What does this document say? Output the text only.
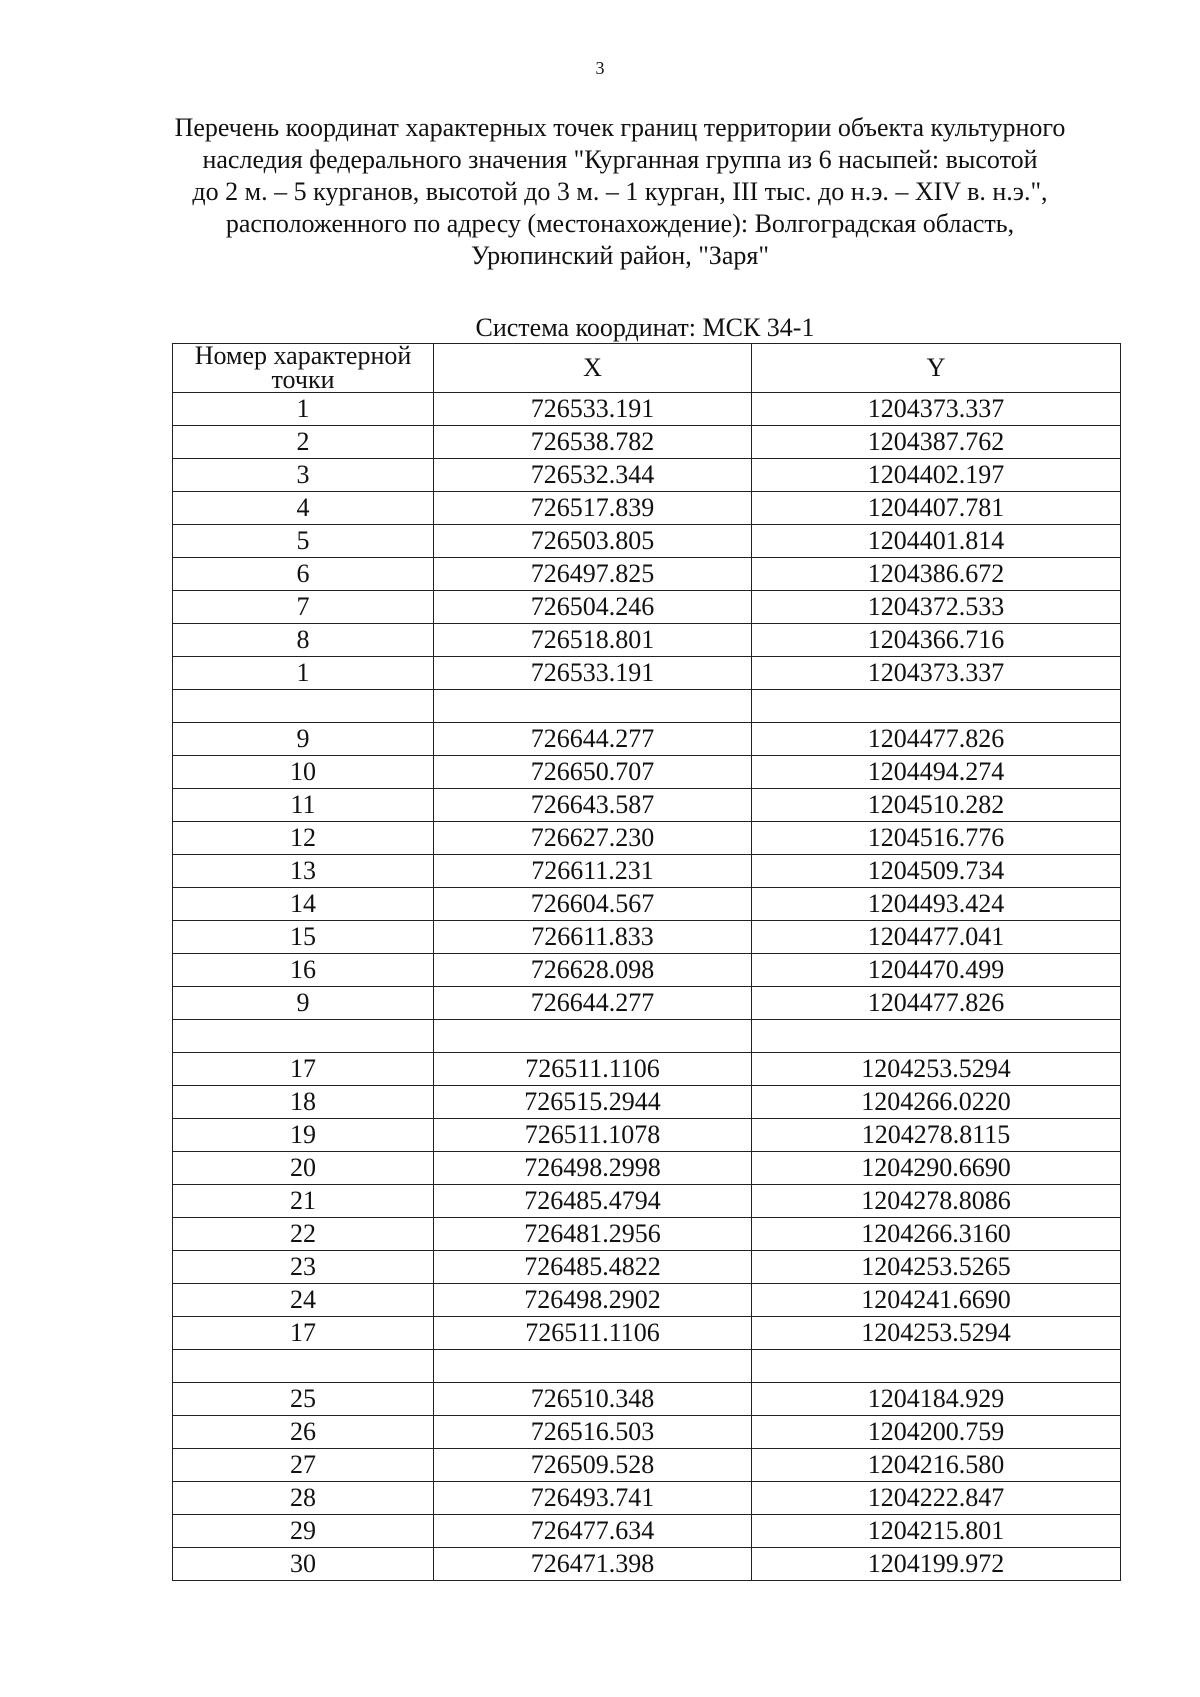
3
Перечень координат характерных точек границ территории объекта культурного
наследия федерального значения "Курганная группа из 6 насыпей: высотой
до 2 м. – 5 курганов, высотой до 3 м. – 1 курган, III тыс. до н.э. – XIV в. н.э.",
расположенного по адресу (местонахождение): Волгоградская область,
Урюпинский район, "Заря"
Система координат: МСК 34-1
Номер характерной
точки	X	Y
1	726533.191	1204373.337
2	726538.782	1204387.762
3	726532.344	1204402.197
4	726517.839	1204407.781
5	726503.805	1204401.814
6	726497.825	1204386.672
7	726504.246	1204372.533
8	726518.801	1204366.716
1	726533.191	1204373.337

9	726644.277	1204477.826
10	726650.707	1204494.274
11	726643.587	1204510.282
12	726627.230	1204516.776
13	726611.231	1204509.734
14	726604.567	1204493.424
15	726611.833	1204477.041
16	726628.098	1204470.499
9	726644.277	1204477.826

17	726511.1106	1204253.5294
18	726515.2944	1204266.0220
19	726511.1078	1204278.8115
20	726498.2998	1204290.6690
21	726485.4794	1204278.8086
22	726481.2956	1204266.3160
23	726485.4822	1204253.5265
24	726498.2902	1204241.6690
17	726511.1106	1204253.5294

25	726510.348	1204184.929
26	726516.503	1204200.759
27	726509.528	1204216.580
28	726493.741	1204222.847
29	726477.634	1204215.801
30	726471.398	1204199.972
